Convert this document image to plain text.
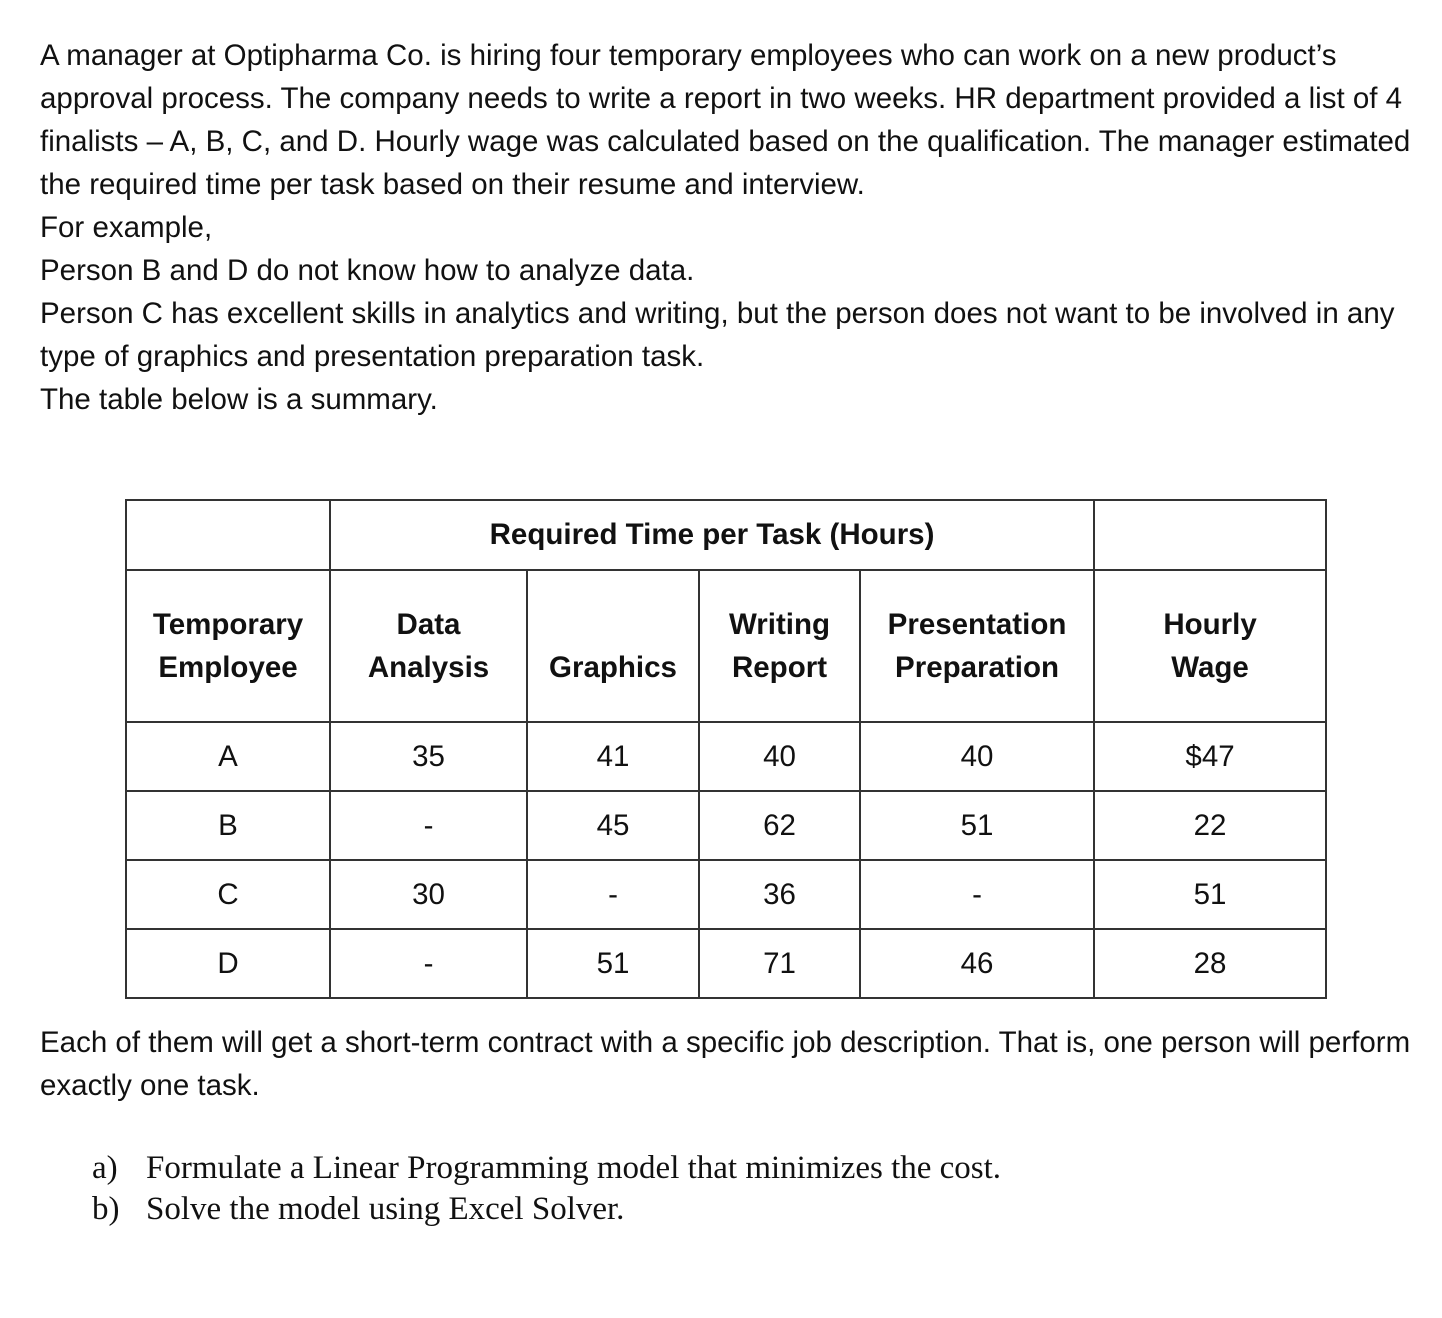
A manager at Optipharma Co. is hiring four temporary employees who can work on a new product’s approval process. The company needs to write a report in two weeks. HR department provided a list of 4 finalists – A, B, C, and D. Hourly wage was calculated based on the qualification. The manager estimated the required time per task based on their resume and interview.

For example,

Person B and D do not know how to analyze data.

Person C has excellent skills in analytics and writing, but the person does not want to be involved in any type of graphics and presentation preparation task.

The table below is a summary.

	Required Time per Task (Hours)				
Temporary
Employee	Data
Analysis	Graphics	Writing
Report	Presentation
Preparation	Hourly
Wage
A	35	41	40	40	$47
B	-	45	62	51	22
C	30	-	36	-	51
D	-	51	71	46	28

Each of them will get a short-term contract with a specific job description. That is, one person will perform exactly one task.

a) Formulate a Linear Programming model that minimizes the cost.
b) Solve the model using Excel Solver.
